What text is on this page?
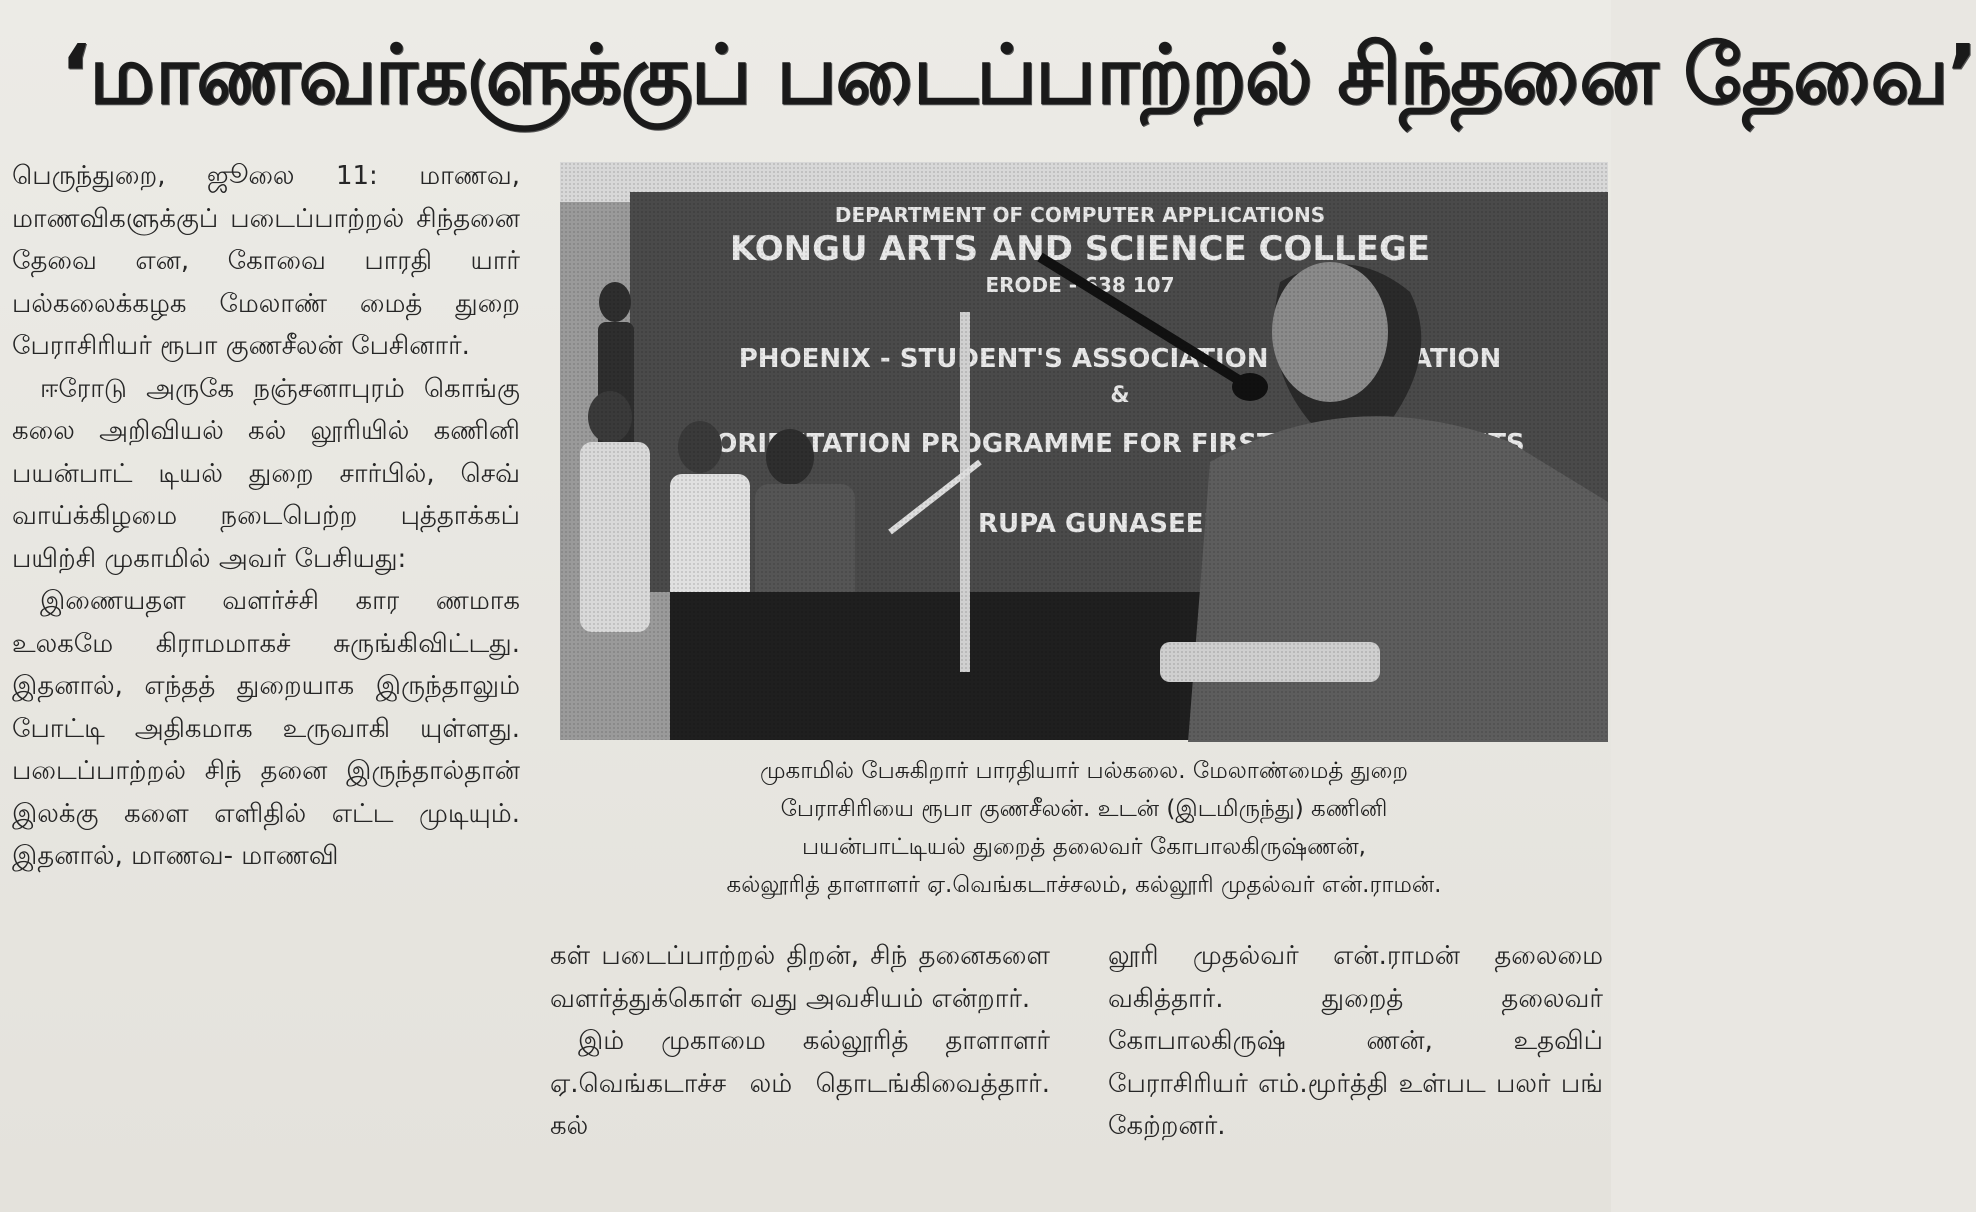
‘மாணவர்களுக்குப் படைப்பாற்றல் சிந்தனை தேவை’

பெருந்துறை, ஜூலை 11: மாணவ, மாணவிகளுக்குப் படைப்பாற்றல் சிந்தனை தேவை என, கோவை பாரதி யார் பல்கலைக்கழக மேலாண் மைத் துறை பேராசிரியர் ரூபா குணசீலன் பேசினார்.

ஈரோடு அருகே நஞ்சனாபுரம் கொங்கு கலை அறிவியல் கல் லூரியில் கணினி பயன்பாட் டியல் துறை சார்பில், செவ் வாய்க்கிழமை நடைபெற்ற புத்தாக்கப் பயிற்சி முகாமில் அவர் பேசியது:

இணையதள வளர்ச்சி கார ணமாக உலகமே கிராமமாகச் சுருங்கிவிட்டது. இதனால், எந்தத் துறையாக இருந்தாலும் போட்டி அதிகமாக உருவாகி யுள்ளது. படைப்பாற்றல் சிந் தனை இருந்தால்தான் இலக்கு களை எளிதில் எட்ட முடியும். இதனால், மாணவ- மாணவி

முகாமில் பேசுகிறார் பாரதியார் பல்கலை. மேலாண்மைத் துறை
பேராசிரியை ரூபா குணசீலன். உடன் (இடமிருந்து) கணினி
பயன்பாட்டியல் துறைத் தலைவர் கோபாலகிருஷ்ணன்,
கல்லூரித் தாளாளர் ஏ.வெங்கடாச்சலம், கல்லூரி முதல்வர் என்.ராமன்.

கள் படைப்பாற்றல் திறன், சிந் தனைகளை வளர்த்துக்கொள் வது அவசியம் என்றார்.

இம் முகாமை கல்லூரித் தாளாளர் ஏ.வெங்கடாச்ச லம் தொடங்கிவைத்தார். கல்

லூரி முதல்வர் என்.ராமன் தலைமை வகித்தார். துறைத் தலைவர் கோபாலகிருஷ் ணன், உதவிப் பேராசிரியர் எம்.மூர்த்தி உள்பட பலர் பங் கேற்றனர்.
